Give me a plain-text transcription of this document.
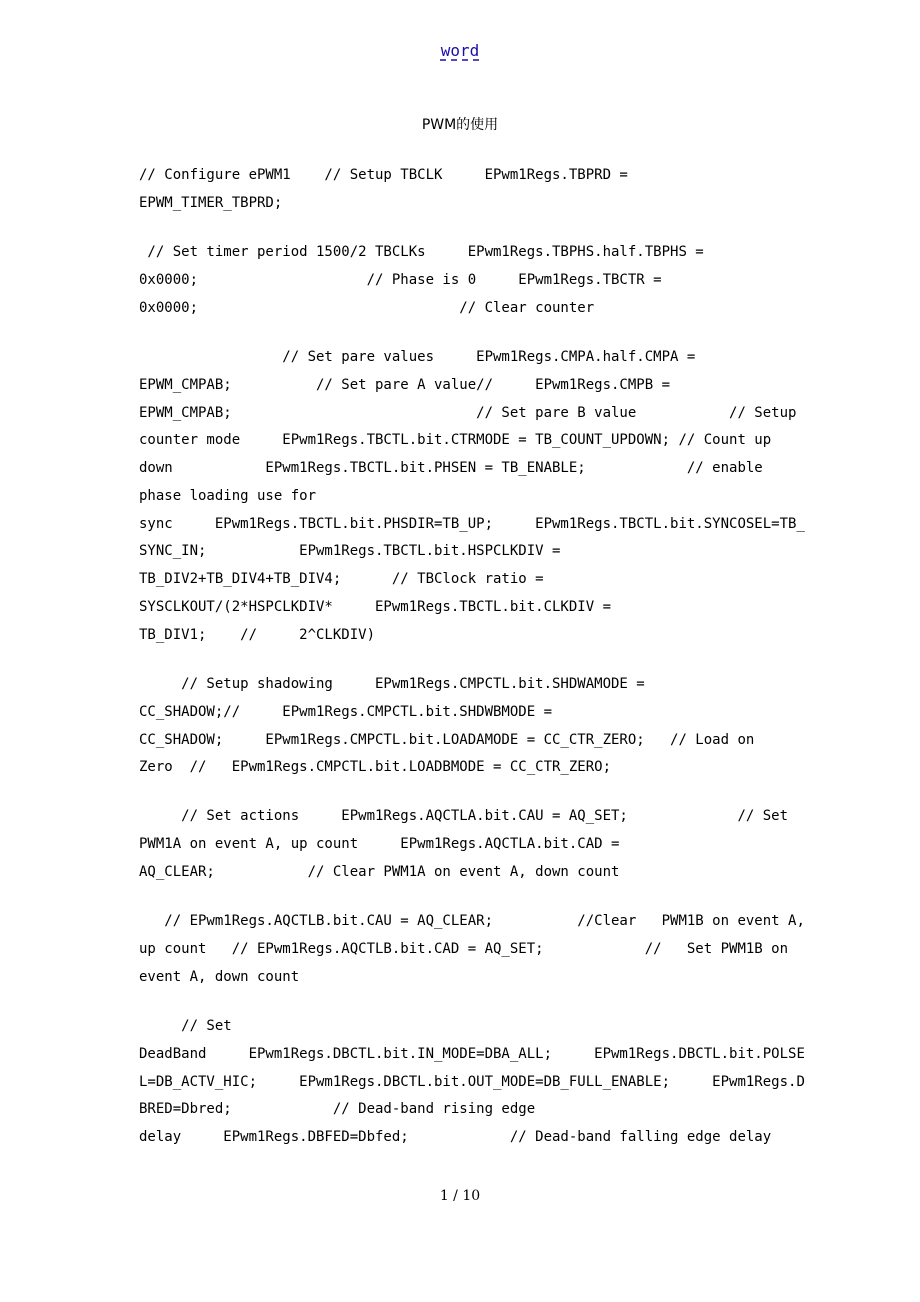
word
PWM的使用
// Configure ePWM1    // Setup TBCLK     EPwm1Regs.TBPRD =
EPWM_TIMER_TBPRD;
// Set timer period 1500/2 TBCLKs     EPwm1Regs.TBPHS.half.TBPHS =
0x0000;                    // Phase is 0     EPwm1Regs.TBCTR =
0x0000;                               // Clear counter
// Set pare values     EPwm1Regs.CMPA.half.CMPA =
EPWM_CMPAB;          // Set pare A value//     EPwm1Regs.CMPB =
EPWM_CMPAB;                             // Set pare B value           // Setup
counter mode     EPwm1Regs.TBCTL.bit.CTRMODE = TB_COUNT_UPDOWN; // Count up
down           EPwm1Regs.TBCTL.bit.PHSEN = TB_ENABLE;            // enable
phase loading use for
sync     EPwm1Regs.TBCTL.bit.PHSDIR=TB_UP;     EPwm1Regs.TBCTL.bit.SYNCOSEL=TB_
SYNC_IN;           EPwm1Regs.TBCTL.bit.HSPCLKDIV =
TB_DIV2+TB_DIV4+TB_DIV4;      // TBClock ratio =
SYSCLKOUT/(2*HSPCLKDIV*     EPwm1Regs.TBCTL.bit.CLKDIV =
TB_DIV1;    //     2^CLKDIV)
// Setup shadowing     EPwm1Regs.CMPCTL.bit.SHDWAMODE =
CC_SHADOW;//     EPwm1Regs.CMPCTL.bit.SHDWBMODE =
CC_SHADOW;     EPwm1Regs.CMPCTL.bit.LOADAMODE = CC_CTR_ZERO;   // Load on
Zero  //   EPwm1Regs.CMPCTL.bit.LOADBMODE = CC_CTR_ZERO;
// Set actions     EPwm1Regs.AQCTLA.bit.CAU = AQ_SET;             // Set
PWM1A on event A, up count     EPwm1Regs.AQCTLA.bit.CAD =
AQ_CLEAR;           // Clear PWM1A on event A, down count
// EPwm1Regs.AQCTLB.bit.CAU = AQ_CLEAR;          //Clear   PWM1B on event A,
up count   // EPwm1Regs.AQCTLB.bit.CAD = AQ_SET;            //   Set PWM1B on
event A, down count
// Set
DeadBand     EPwm1Regs.DBCTL.bit.IN_MODE=DBA_ALL;     EPwm1Regs.DBCTL.bit.POLSE
L=DB_ACTV_HIC;     EPwm1Regs.DBCTL.bit.OUT_MODE=DB_FULL_ENABLE;     EPwm1Regs.D
BRED=Dbred;            // Dead-band rising edge
delay     EPwm1Regs.DBFED=Dbfed;            // Dead-band falling edge delay
1 / 10
